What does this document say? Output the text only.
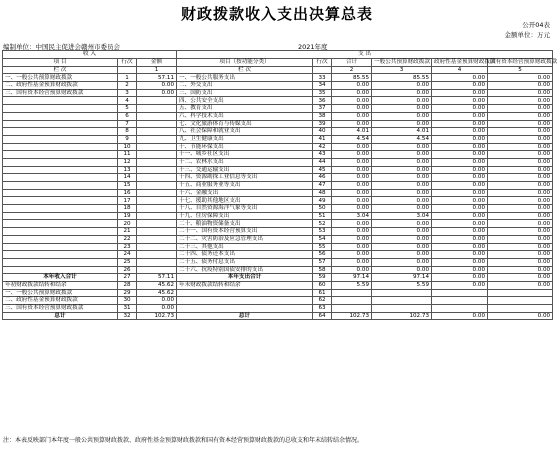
财政拨款收入支出决算总表
公开04表
金额单位：万元
编制单位：中国民主促进会赣州市委员会	2021年度
收 入			支 出					
项 目	行次	金额	项目（按功能分类）	行次	合计	一般公共预算财政拨款	政府性基金预算财政拨款	国有资本经营预算财政拨款

栏 次		1	栏 次		2	3	4	5
一、一般公共预算财政拨款	1	57.11	一、一般公共服务支出	33	85.55	85.55	0.00	0.00
二、政府性基金预算财政拨款	2	0.00	二、外交支出	34	0.00	0.00	0.00	0.00
三、国有资本经营预算财政拨款	3	0.00	三、国防支出	35	0.00	0.00	0.00	0.00
	4		四、公共安全支出	36	0.00	0.00	0.00	0.00
	5		五、教育支出	37	0.00	0.00	0.00	0.00
	6		六、科学技术支出	38	0.00	0.00	0.00	0.00
	7		七、文化旅游体育与传媒支出	39	0.00	0.00	0.00	0.00
	8		八、社会保障和就业支出	40	4.01	4.01	0.00	0.00
	9		九、卫生健康支出	41	4.54	4.54	0.00	0.00
	10		十、节能环保支出	42	0.00	0.00	0.00	0.00
	11		十一、城乡社区支出	43	0.00	0.00	0.00	0.00
	12		十二、农林水支出	44	0.00	0.00	0.00	0.00
	13		十三、交通运输支出	45	0.00	0.00	0.00	0.00
	14		十四、资源勘探工业信息等支出	46	0.00	0.00	0.00	0.00
	15		十五、商业服务业等支出	47	0.00	0.00	0.00	0.00
	16		十六、金融支出	48	0.00	0.00	0.00	0.00
	17		十七、援助其他地区支出	49	0.00	0.00	0.00	0.00
	18		十八、自然资源海洋气象等支出	50	0.00	0.00	0.00	0.00
	19		十九、住房保障支出	51	3.04	3.04	0.00	0.00
	20		二十、粮油物资储备支出	52	0.00	0.00	0.00	0.00
	21		二十一、国有资本经营预算支出	53	0.00	0.00	0.00	0.00
	22		二十二、灾害防治及应急管理支出	54	0.00	0.00	0.00	0.00
	23		二十三、其他支出	55	0.00	0.00	0.00	0.00
	24		二十四、债务还本支出	56	0.00	0.00	0.00	0.00
	25		二十五、债务付息支出	57	0.00	0.00	0.00	0.00
	26		二十六、抗疫特别国债安排的支出	58	0.00	0.00	0.00	0.00
本年收入合计	27	57.11	本年支出合计	59	97.14	97.14	0.00	0.00
年初财政拨款结转和结余	28	45.62	年末财政拨款结转和结余	60	5.59	5.59	0.00	0.00
一、一般公共预算财政拨款	29	45.62		61				
二、政府性基金预算财政拨款	30	0.00		62				
三、国有资本经营预算财政拨款	31	0.00		63				
总计	32	102.73	总计	64	102.73	102.73	0.00	0.00
注：本表反映部门本年度一般公共预算财政拨款、政府性基金预算财政拨款和国有资本经营预算财政拨款的总收支和年末结转结余情况。
